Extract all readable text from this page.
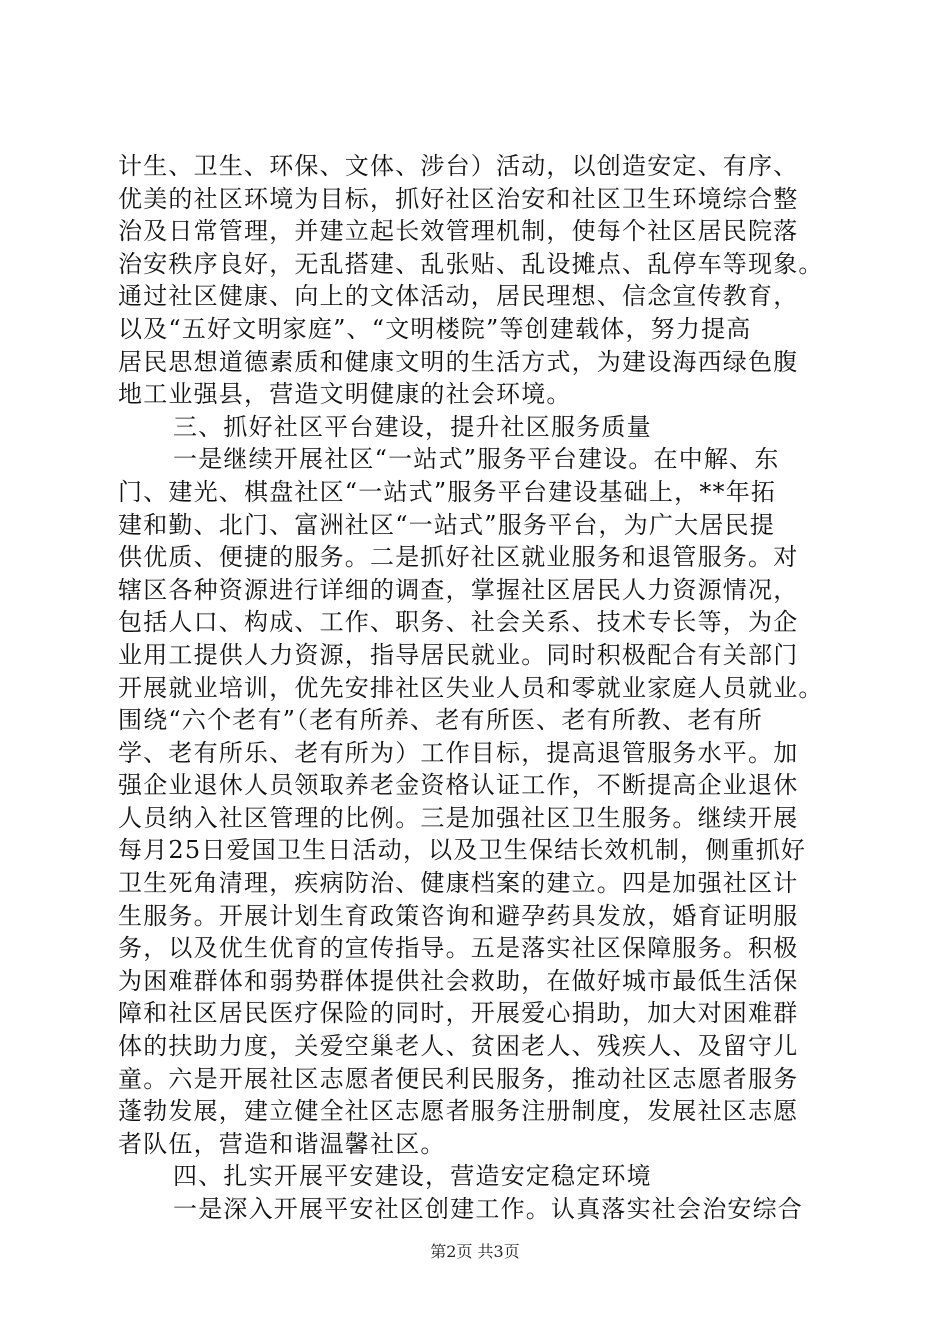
计生、卫生、环保、文体、涉台）活动，以创造安定、有序、
优美的社区环境为目标，抓好社区治安和社区卫生环境综合整
治及日常管理，并建立起长效管理机制，使每个社区居民院落
治安秩序良好，无乱搭建、乱张贴、乱设摊点、乱停车等现象。
通过社区健康、向上的文体活动，居民理想、信念宣传教育，
以及“五好文明家庭”、“文明楼院”等创建载体，努力提高
居民思想道德素质和健康文明的生活方式，为建设海西绿色腹
地工业强县，营造文明健康的社会环境。
三、抓好社区平台建设，提升社区服务质量
一是继续开展社区“一站式”服务平台建设。在中解、东
门、建光、棋盘社区“一站式”服务平台建设基础上，**年拓
建和勤、北门、富洲社区“一站式”服务平台，为广大居民提
供优质、便捷的服务。二是抓好社区就业服务和退管服务。对
辖区各种资源进行详细的调查，掌握社区居民人力资源情况，
包括人口、构成、工作、职务、社会关系、技术专长等，为企
业用工提供人力资源，指导居民就业。同时积极配合有关部门
开展就业培训，优先安排社区失业人员和零就业家庭人员就业。
围绕“六个老有”（老有所养、老有所医、老有所教、老有所
学、老有所乐、老有所为）工作目标，提高退管服务水平。加
强企业退休人员领取养老金资格认证工作，不断提高企业退休
人员纳入社区管理的比例。三是加强社区卫生服务。继续开展
每月25日爱国卫生日活动，以及卫生保结长效机制，侧重抓好
卫生死角清理，疾病防治、健康档案的建立。四是加强社区计
生服务。开展计划生育政策咨询和避孕药具发放，婚育证明服
务，以及优生优育的宣传指导。五是落实社区保障服务。积极
为困难群体和弱势群体提供社会救助，在做好城市最低生活保
障和社区居民医疗保险的同时，开展爱心捐助，加大对困难群
体的扶助力度，关爱空巢老人、贫困老人、残疾人、及留守儿
童。六是开展社区志愿者便民利民服务，推动社区志愿者服务
蓬勃发展，建立健全社区志愿者服务注册制度，发展社区志愿
者队伍，营造和谐温馨社区。
四、扎实开展平安建设，营造安定稳定环境
一是深入开展平安社区创建工作。认真落实社会治安综合
第2页 共3页
